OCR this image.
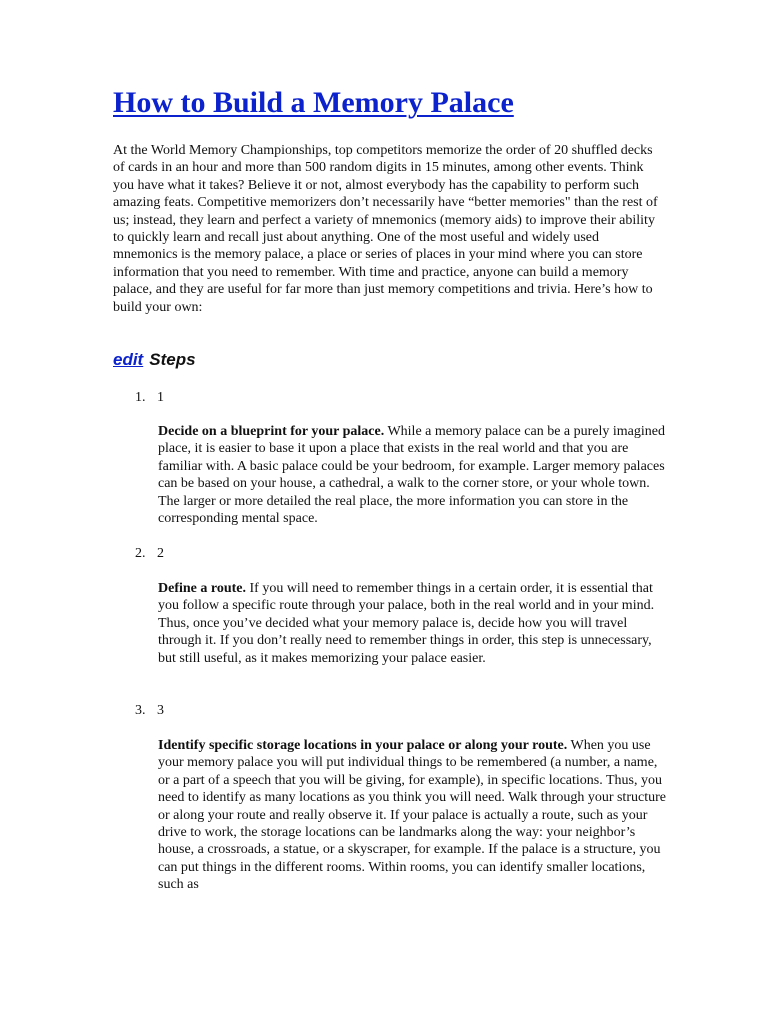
How to Build a Memory Palace

At the World Memory Championships, top competitors memorize the order of 20 shuffled decks of cards in an hour and more than 500 random digits in 15 minutes, among other events. Think you have what it takes? Believe it or not, almost everybody has the capability to perform such amazing feats. Competitive memorizers don’t necessarily have “better memories" than the rest of us; instead, they learn and perfect a variety of mnemonics (memory aids) to improve their ability to quickly learn and recall just about anything. One of the most useful and widely used mnemonics is the memory palace, a place or series of places in your mind where you can store information that you need to remember. With time and practice, anyone can build a memory palace, and they are useful for far more than just memory competitions and trivia. Here’s how to build your own:

edit Steps
1. 1

Decide on a blueprint for your palace. While a memory palace can be a purely imagined place, it is easier to base it upon a place that exists in the real world and that you are familiar with. A basic palace could be your bedroom, for example. Larger memory palaces can be based on your house, a cathedral, a walk to the corner store, or your whole town. The larger or more detailed the real place, the more information you can store in the corresponding mental space.

2. 2

Define a route. If you will need to remember things in a certain order, it is essential that you follow a specific route through your palace, both in the real world and in your mind. Thus, once you’ve decided what your memory palace is, decide how you will travel through it. If you don’t really need to remember things in order, this step is unnecessary, but still useful, as it makes memorizing your palace easier.

3. 3

Identify specific storage locations in your palace or along your route. When you use your memory palace you will put individual things to be remembered (a number, a name, or a part of a speech that you will be giving, for example), in specific locations. Thus, you need to identify as many locations as you think you will need. Walk through your structure or along your route and really observe it. If your palace is actually a route, such as your drive to work, the storage locations can be landmarks along the way: your neighbor’s house, a crossroads, a statue, or a skyscraper, for example. If the palace is a structure, you can put things in the different rooms. Within rooms, you can identify smaller locations, such as
